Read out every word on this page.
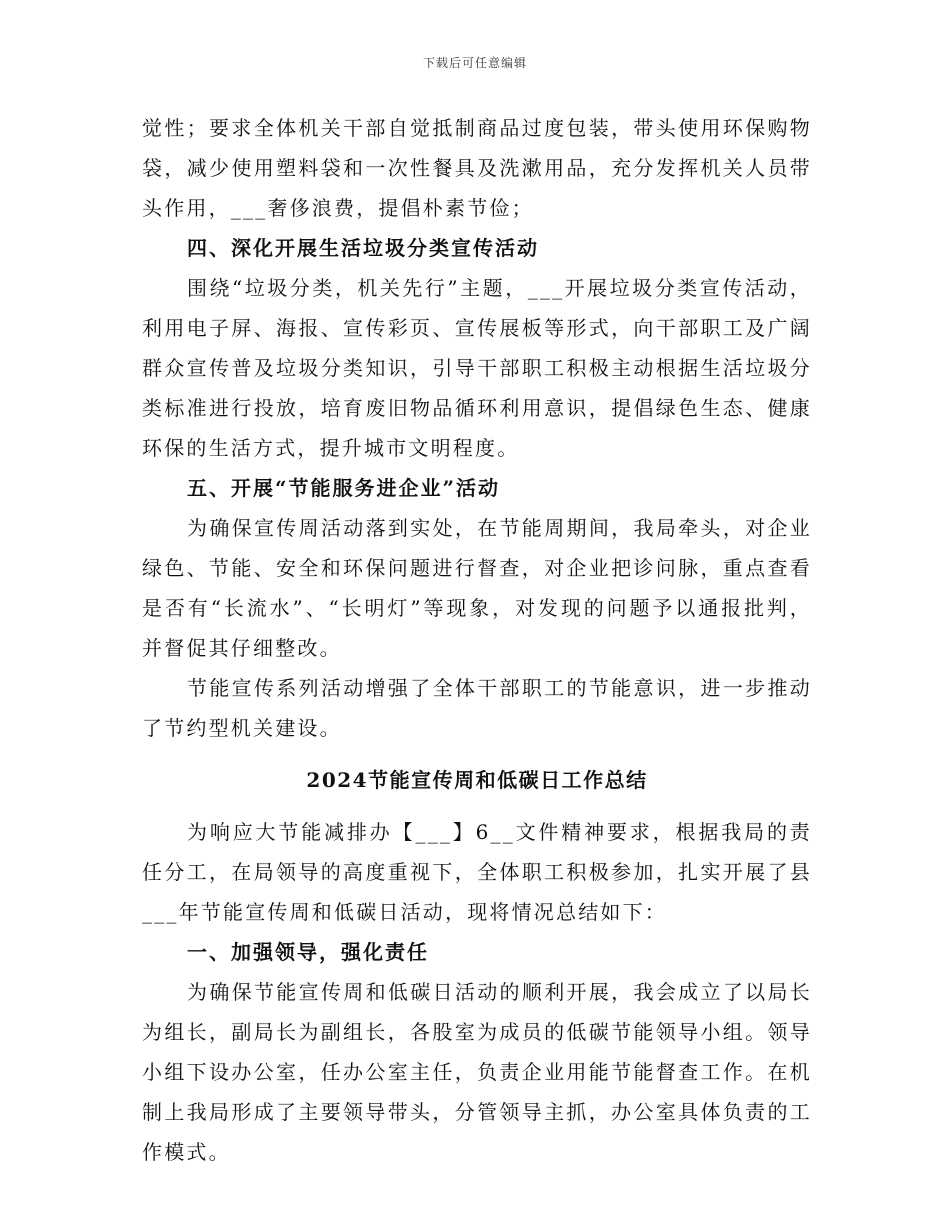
下载后可任意编辑

觉性；要求全体机关干部自觉抵制商品过度包装，带头使用环保购物袋，减少使用塑料袋和一次性餐具及洗漱用品，充分发挥机关人员带头作用，___奢侈浪费，提倡朴素节俭；

四、深化开展生活垃圾分类宣传活动

围绕“垃圾分类，机关先行”主题，___开展垃圾分类宣传活动，利用电子屏、海报、宣传彩页、宣传展板等形式，向干部职工及广阔群众宣传普及垃圾分类知识，引导干部职工积极主动根据生活垃圾分类标准进行投放，培育废旧物品循环利用意识，提倡绿色生态、健康环保的生活方式，提升城市文明程度。

五、开展“节能服务进企业”活动

为确保宣传周活动落到实处，在节能周期间，我局牵头，对企业绿色、节能、安全和环保问题进行督查，对企业把诊问脉，重点查看是否有“长流水”、“长明灯”等现象，对发现的问题予以通报批判，并督促其仔细整改。

节能宣传系列活动增强了全体干部职工的节能意识，进一步推动了节约型机关建设。

2024节能宣传周和低碳日工作总结

为响应大节能减排办【___】6__文件精神要求，根据我局的责任分工，在局领导的高度重视下，全体职工积极参加，扎实开展了县___年节能宣传周和低碳日活动，现将情况总结如下：

一、加强领导，强化责任

为确保节能宣传周和低碳日活动的顺利开展，我会成立了以局长为组长，副局长为副组长，各股室为成员的低碳节能领导小组。领导小组下设办公室，任办公室主任，负责企业用能节能督查工作。在机制上我局形成了主要领导带头，分管领导主抓，办公室具体负责的工作模式。
